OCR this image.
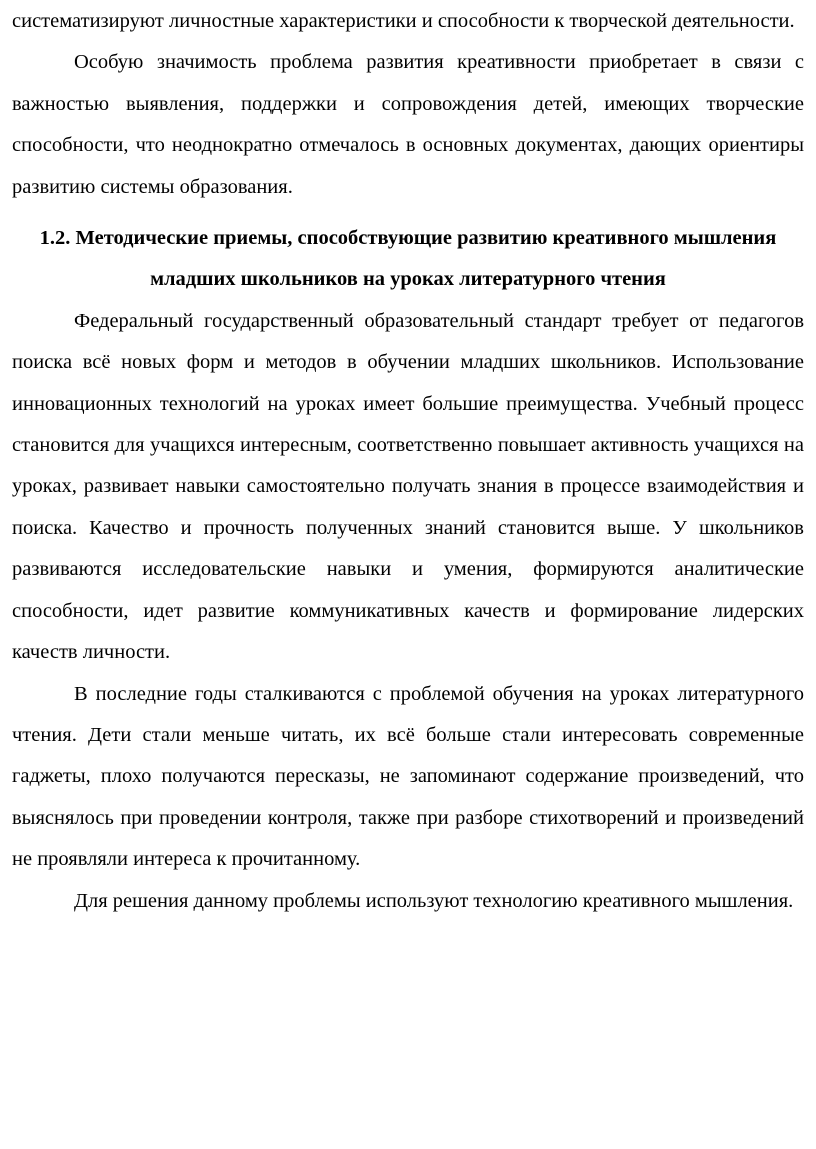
систематизируют личностные характеристики и способности к творческой деятельности.

Особую значимость проблема развития креативности приобретает в связи с важностью выявления, поддержки и сопровождения детей, имеющих творческие способности, что неоднократно отмечалось в основных документах, дающих ориентиры развитию системы образования.

1.2. Методические приемы, способствующие развитию креативного мышления младших школьников на уроках литературного чтения

Федеральный государственный образовательный стандарт требует от педагогов поиска всё новых форм и методов в обучении младших школьников. Использование инновационных технологий на уроках имеет большие преимущества. Учебный процесс становится для учащихся интересным, соответственно повышает активность учащихся на уроках, развивает навыки самостоятельно получать знания в процессе взаимодействия и поиска. Качество и прочность полученных знаний становится выше. У школьников развиваются исследовательские навыки и умения, формируются аналитические способности, идет развитие коммуникативных качеств и формирование лидерских качеств личности.

В последние годы сталкиваются с проблемой обучения на уроках литературного чтения. Дети стали меньше читать, их всё больше стали интересовать современные гаджеты, плохо получаются пересказы, не запоминают содержание произведений, что выяснялось при проведении контроля, также при разборе стихотворений и произведений не проявляли интереса к прочитанному.

Для решения данному проблемы используют технологию креативного мышления.
